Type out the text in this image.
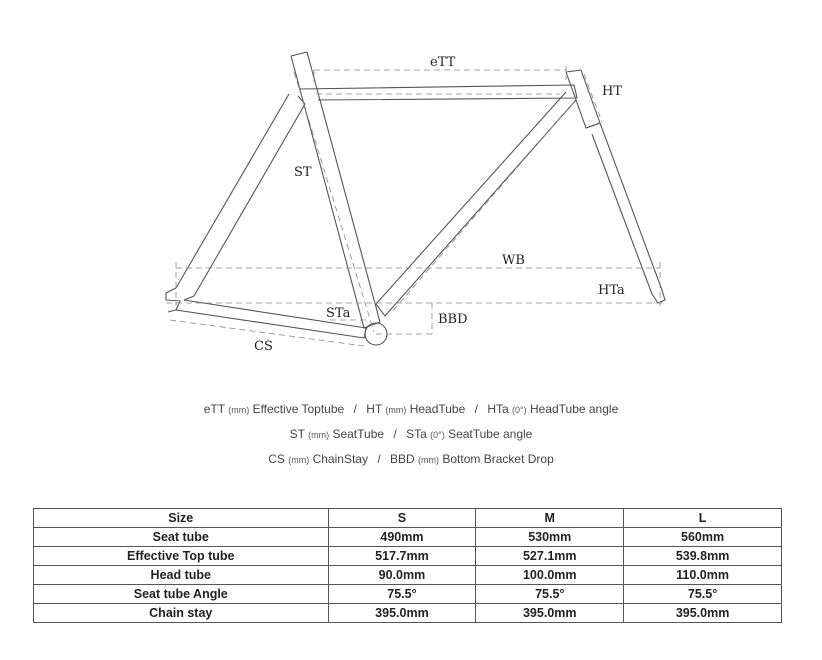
eTT
HT
ST
WB
HTa
STa	BBD
CS
eTT (mm) Effective Toptube / HT (mm) HeadTube / HTa (0°) HeadTube angle
ST (mm) SeatTube / STa (0°) SeatTube angle
CS (mm) ChainStay / BBD (mm) Bottom Bracket Drop
Size	S	M	L
Seat tube	490mm	530mm	560mm
Effective Top tube	517.7mm	527.1mm	539.8mm
Head tube	90.0mm	100.0mm	110.0mm
Seat tube Angle	75.5°	75.5°	75.5°
Chain stay	395.0mm	395.0mm	395.0mm
